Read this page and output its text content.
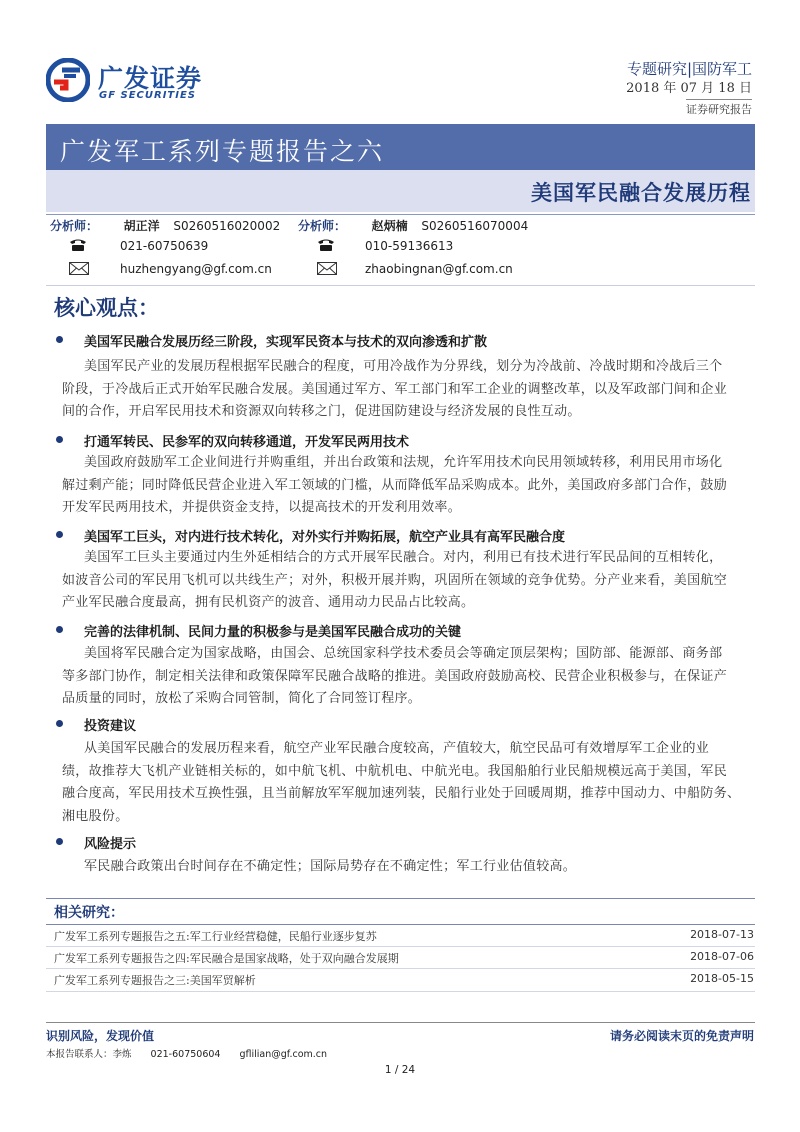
广发证券
GF SECURITIES
专题研究|国防军工
2018 年 07 月 18 日
证券研究报告
广发军工系列专题报告之六
美国军民融合发展历程
分析师： 胡正洋 S0260516020002
021-60750639
huzhengyang@gf.com.cn
分析师： 赵炳楠 S0260516070004
010-59136613
zhaobingnan@gf.com.cn
核心观点：
美国军民融合发展历经三阶段，实现军民资本与技术的双向渗透和扩散
美国军民产业的发展历程根据军民融合的程度，可用冷战作为分界线，划分为冷战前、冷战时期和冷战后三个
阶段，于冷战后正式开始军民融合发展。美国通过军方、军工部门和军工企业的调整改革，以及军政部门间和企业
间的合作，开启军民用技术和资源双向转移之门，促进国防建设与经济发展的良性互动。
打通军转民、民参军的双向转移通道，开发军民两用技术
美国政府鼓励军工企业间进行并购重组，并出台政策和法规，允许军用技术向民用领域转移，利用民用市场化
解过剩产能；同时降低民营企业进入军工领域的门槛，从而降低军品采购成本。此外，美国政府多部门合作，鼓励
开发军民两用技术，并提供资金支持，以提高技术的开发利用效率。
美国军工巨头，对内进行技术转化，对外实行并购拓展，航空产业具有高军民融合度
美国军工巨头主要通过内生外延相结合的方式开展军民融合。对内，利用已有技术进行军民品间的互相转化，
如波音公司的军民用飞机可以共线生产；对外，积极开展并购，巩固所在领域的竞争优势。分产业来看，美国航空
产业军民融合度最高，拥有民机资产的波音、通用动力民品占比较高。
完善的法律机制、民间力量的积极参与是美国军民融合成功的关键
美国将军民融合定为国家战略，由国会、总统国家科学技术委员会等确定顶层架构；国防部、能源部、商务部
等多部门协作，制定相关法律和政策保障军民融合战略的推进。美国政府鼓励高校、民营企业积极参与，在保证产
品质量的同时，放松了采购合同管制，简化了合同签订程序。
投资建议
从美国军民融合的发展历程来看，航空产业军民融合度较高，产值较大，航空民品可有效增厚军工企业的业
绩，故推荐大飞机产业链相关标的，如中航飞机、中航机电、中航光电。我国船舶行业民船规模远高于美国，军民
融合度高，军民用技术互换性强，且当前解放军军舰加速列装，民船行业处于回暖周期，推荐中国动力、中船防务、
湘电股份。
风险提示
军民融合政策出台时间存在不确定性；国际局势存在不确定性；军工行业估值较高。
相关研究：
广发军工系列专题报告之五:军工行业经营稳健，民船行业逐步复苏	2018-07-13
广发军工系列专题报告之四:军民融合是国家战略，处于双向融合发展期	2018-07-06
广发军工系列专题报告之三:美国军贸解析	2018-05-15
识别风险，发现价值	请务必阅读末页的免责声明
本报告联系人：李炼 021-60750604 gflilian@gf.com.cn
1 / 24
